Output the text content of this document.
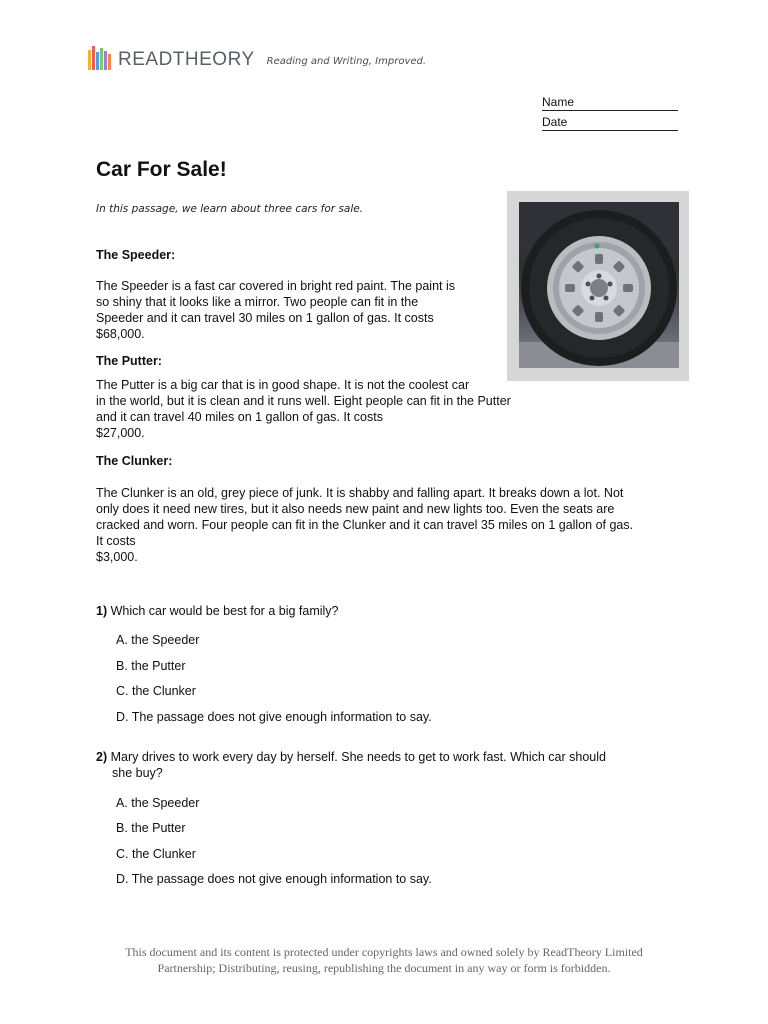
READTHEORY Reading and Writing, Improved.
Name
Date
Car For Sale!
In this passage, we learn about three cars for sale.
The Speeder:
The Speeder is a fast car covered in bright red paint. The paint is
so shiny that it looks like a mirror. Two people can fit in the
Speeder and it can travel 30 miles on 1 gallon of gas. It costs
$68,000.
The Putter:
The Putter is a big car that is in good shape. It is not the coolest car
in the world, but it is clean and it runs well. Eight people can fit in the Putter
and it can travel 40 miles on 1 gallon of gas. It costs
$27,000.
The Clunker:
The Clunker is an old, grey piece of junk. It is shabby and falling apart. It breaks down a lot. Not
only does it need new tires, but it also needs new paint and new lights too. Even the seats are
cracked and worn. Four people can fit in the Clunker and it can travel 35 miles on 1 gallon of gas.
It costs
$3,000.
1) Which car would be best for a big family?
A. the Speeder
B. the Putter
C. the Clunker
D. The passage does not give enough information to say.
2) Mary drives to work every day by herself. She needs to get to work fast. Which car should
she buy?
A. the Speeder
B. the Putter
C. the Clunker
D. The passage does not give enough information to say.
This document and its content is protected under copyrights laws and owned solely by ReadTheory Limited
Partnership; Distributing, reusing, republishing the document in any way or form is forbidden.
